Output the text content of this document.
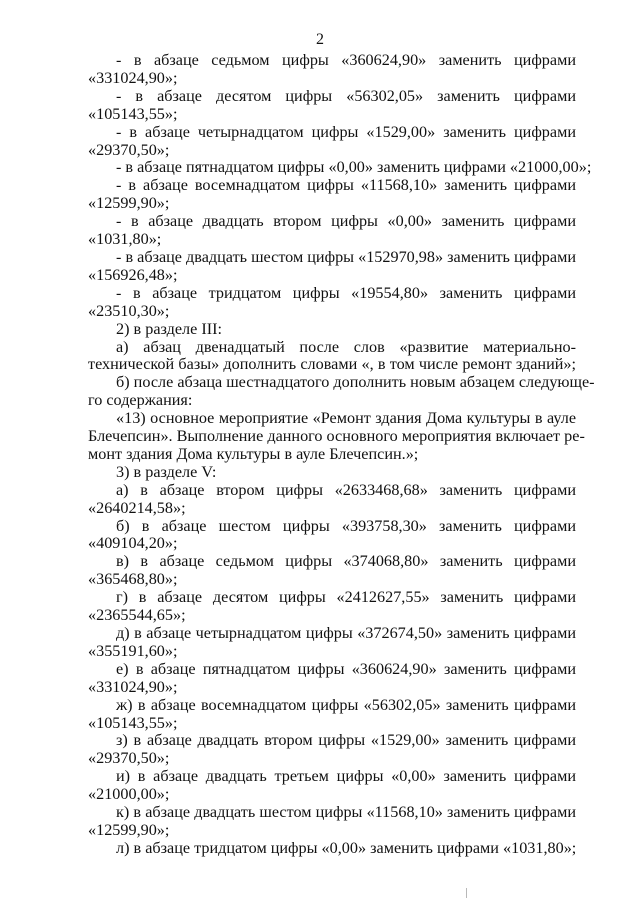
2

- в абзаце седьмом цифры «360624,90» заменить цифрами

«331024,90»;

- в абзаце десятом цифры «56302,05» заменить цифрами

«105143,55»;

- в абзаце четырнадцатом цифры «1529,00» заменить цифрами

«29370,50»;

- в абзаце пятнадцатом цифры «0,00» заменить цифрами «21000,00»;

- в абзаце восемнадцатом цифры «11568,10» заменить цифрами

«12599,90»;

- в абзаце двадцать втором цифры «0,00» заменить цифрами

«1031,80»;

- в абзаце двадцать шестом цифры «152970,98» заменить цифрами

«156926,48»;

- в абзаце тридцатом цифры «19554,80» заменить цифрами

«23510,30»;

2) в разделе III:

а) абзац двенадцатый после слов «развитие материально-

технической базы» дополнить словами «, в том числе ремонт зданий»;

б) после абзаца шестнадцатого дополнить новым абзацем следующе-

го содержания:

«13) основное мероприятие «Ремонт здания Дома культуры в ауле

Блечепсин». Выполнение данного основного мероприятия включает ре-

монт здания Дома культуры в ауле Блечепсин.»;

3) в разделе V:

а) в абзаце втором цифры «2633468,68» заменить цифрами

«2640214,58»;

б) в абзаце шестом цифры «393758,30» заменить цифрами

«409104,20»;

в) в абзаце седьмом цифры «374068,80» заменить цифрами

«365468,80»;

г) в абзаце десятом цифры «2412627,55» заменить цифрами

«2365544,65»;

д) в абзаце четырнадцатом цифры «372674,50» заменить цифрами

«355191,60»;

е) в абзаце пятнадцатом цифры «360624,90» заменить цифрами

«331024,90»;

ж) в абзаце восемнадцатом цифры «56302,05» заменить цифрами

«105143,55»;

з) в абзаце двадцать втором цифры «1529,00» заменить цифрами

«29370,50»;

и) в абзаце двадцать третьем цифры «0,00» заменить цифрами

«21000,00»;

к) в абзаце двадцать шестом цифры «11568,10» заменить цифрами

«12599,90»;

л) в абзаце тридцатом цифры «0,00» заменить цифрами «1031,80»;
